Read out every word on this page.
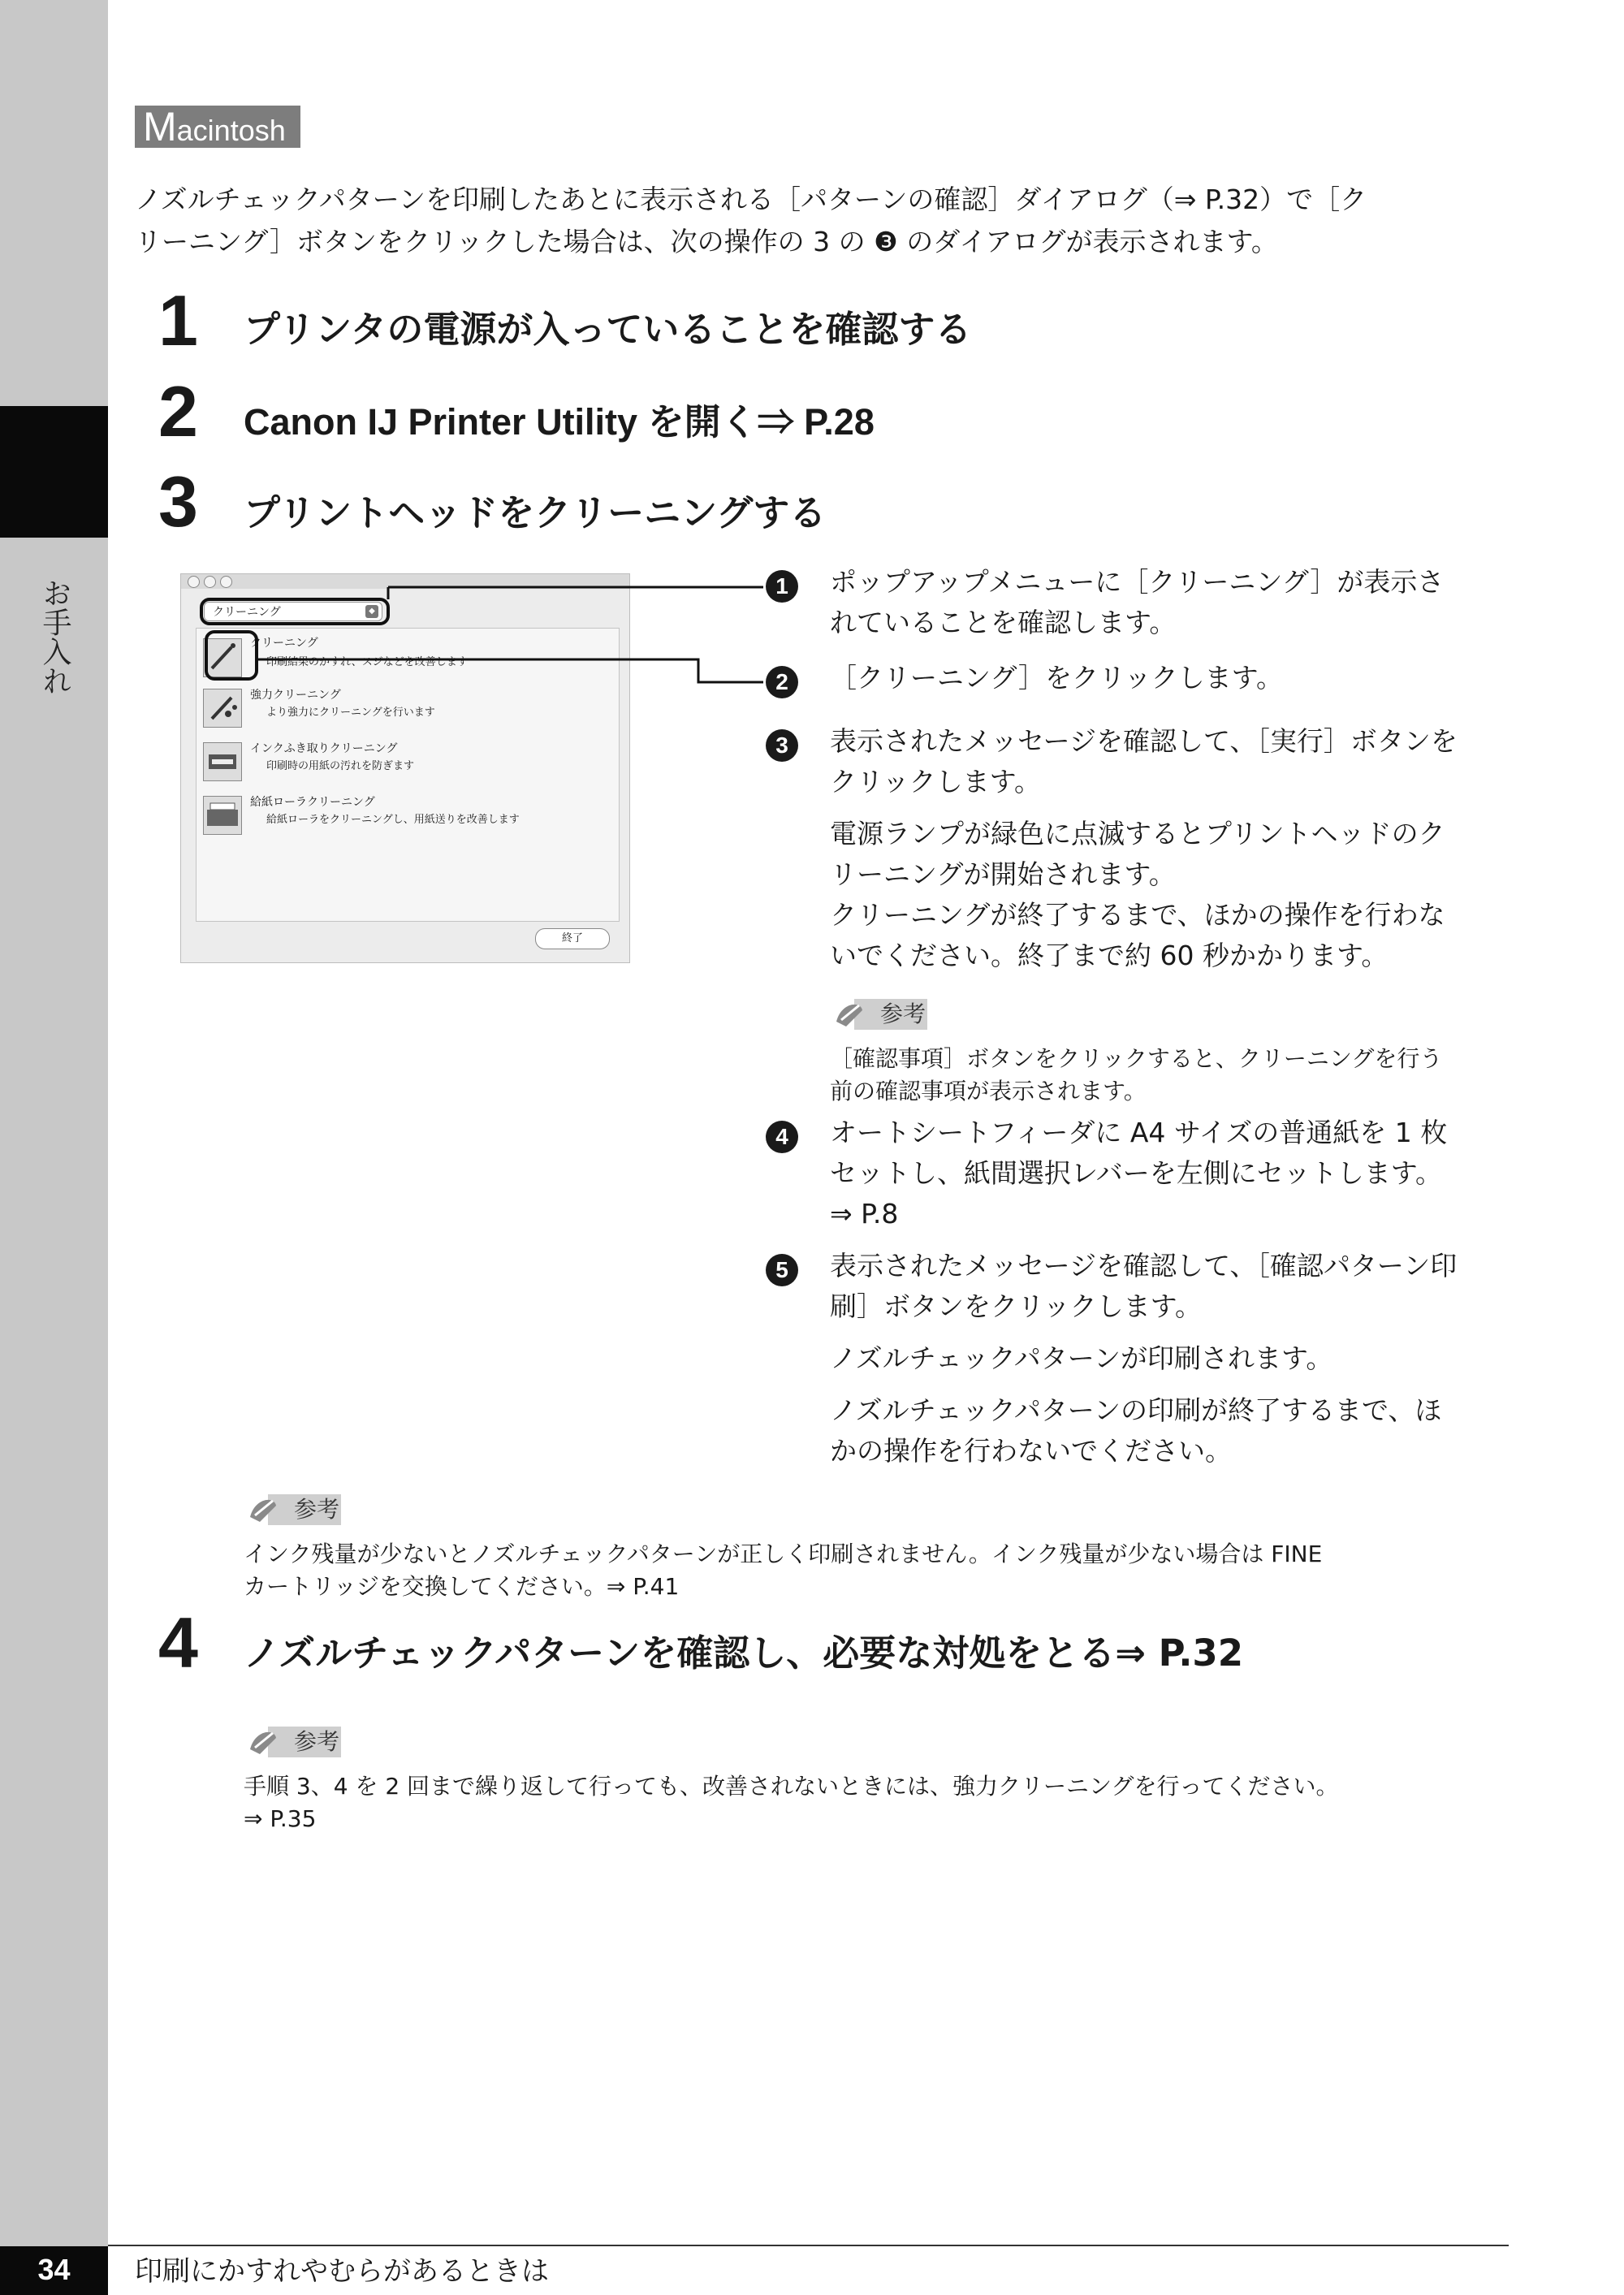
お手入れ
Macintosh
ノズルチェックパターンを印刷したあとに表示される［パターンの確認］ダイアログ（⇒ P.32）で［ク
リーニング］ボタンをクリックした場合は、次の操作の 3 の ❸ のダイアログが表示されます。
1 プリンタの電源が入っていることを確認する
2 Canon IJ Printer Utility を開く⇒ P.28
3 プリントヘッドをクリーニングする
クリーニング	◆
クリーニング
印刷結果のかすれ、スジなどを改善します
強力クリーニング
より強力にクリーニングを行います
インクふき取りクリーニング
印刷時の用紙の汚れを防ぎます
給紙ローラクリーニング
給紙ローラをクリーニングし、用紙送りを改善します
終了
1	ポップアップメニューに［クリーニング］が表示さ
れていることを確認します。
2	［クリーニング］をクリックします。
3	表示されたメッセージを確認して、［実行］ボタンを
クリックします。
電源ランプが緑色に点滅するとプリントヘッドのク
リーニングが開始されます。
クリーニングが終了するまで、ほかの操作を行わな
いでください。終了まで約 60 秒かかります。
参考
［確認事項］ボタンをクリックすると、クリーニングを行う
前の確認事項が表示されます。
4	オートシートフィーダに A4 サイズの普通紙を 1 枚
セットし、紙間選択レバーを左側にセットします。
⇒ P.8
5	表示されたメッセージを確認して、［確認パターン印
刷］ボタンをクリックします。
ノズルチェックパターンが印刷されます。
ノズルチェックパターンの印刷が終了するまで、ほ
かの操作を行わないでください。
参考
インク残量が少ないとノズルチェックパターンが正しく印刷されません。インク残量が少ない場合は FINE
カートリッジを交換してください。⇒ P.41
4 ノズルチェックパターンを確認し、必要な対処をとる⇒ P.32
参考
手順 3、4 を 2 回まで繰り返して行っても、改善されないときには、強力クリーニングを行ってください。
⇒ P.35
34	印刷にかすれやむらがあるときは
